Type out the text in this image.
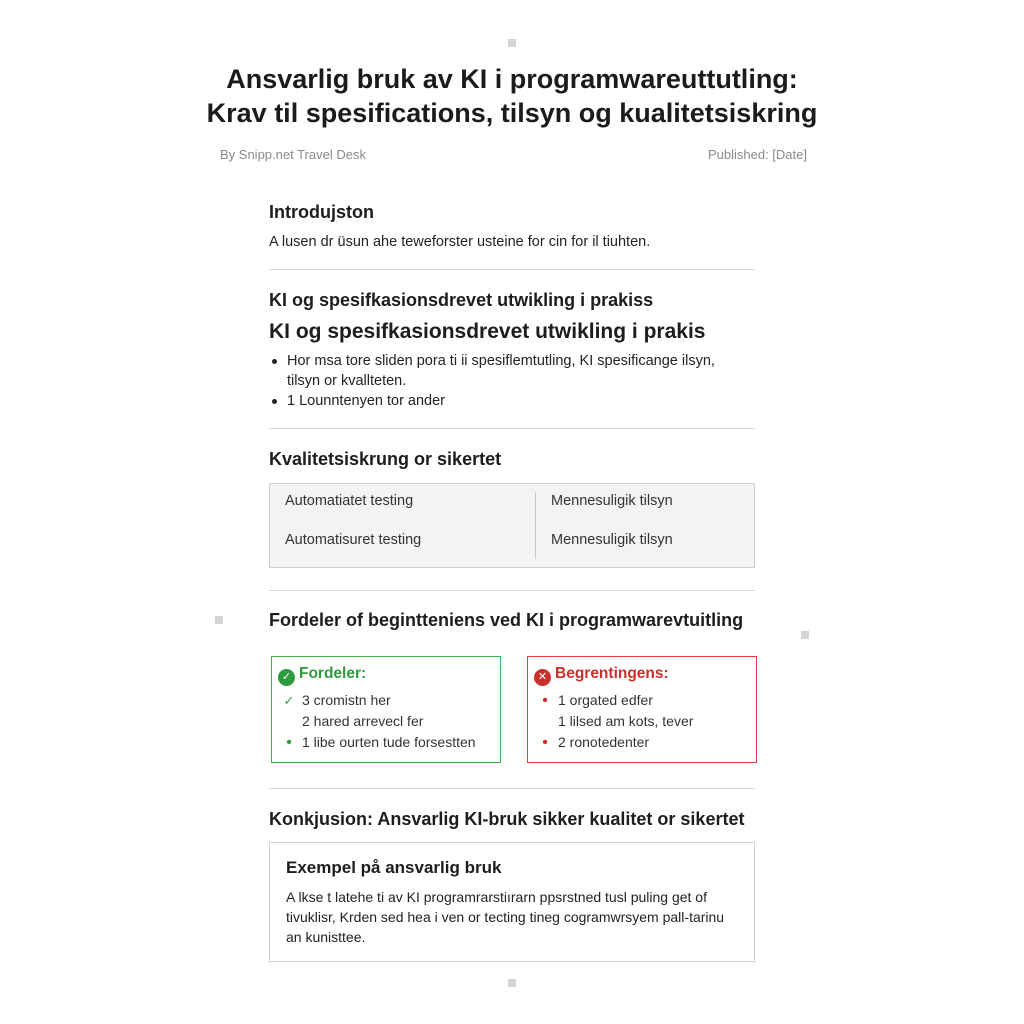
Ansvarlig bruk av KI i programwareuttutling:
Krav til spesifications, tilsyn og kualitetsiskring
By Snipp.net Travel Desk	Published: [Date]
Introdujston

A lusen dr üsun ahe teweforster usteine for cin for il tiuhten.

KI og spesifkasionsdrevet utwikling i prakiss
KI og spesifkasionsdrevet utwikling i prakis
Hor msa tore sliden pora ti ii spesiflemtutling, KI spesificange ilsyn, tilsyn or kvallteten.
1 Lounntenyen tor ander
Kvalitetsiskrung or sikertet
Automatiatet testing
Automatisuret testing
Mennesuligik tilsyn
Mennesuligik tilsyn
Fordeler of begintteniens ved KI i programwarevtuitling
✓ Fordeler:
✓ 3 cromistn her
2 hared arrevecl fer
• 1 libe ourten tude forsestten
✕ Begrentingens:
• 1 orgated edfer
1 lilsed am kots, tever
• 2 ronotedenter
Konkjusion: Ansvarlig KI-bruk sikker kualitet or sikertet
Exempel på ansvarlig bruk

A lkse t latehe ti av KI programrarstiırarn ppsrstned tusl puling get of tivuklisr, Krden sed hea i ven or tecting tineg cogramwrsyem pall-tarinu an kunisttee.
